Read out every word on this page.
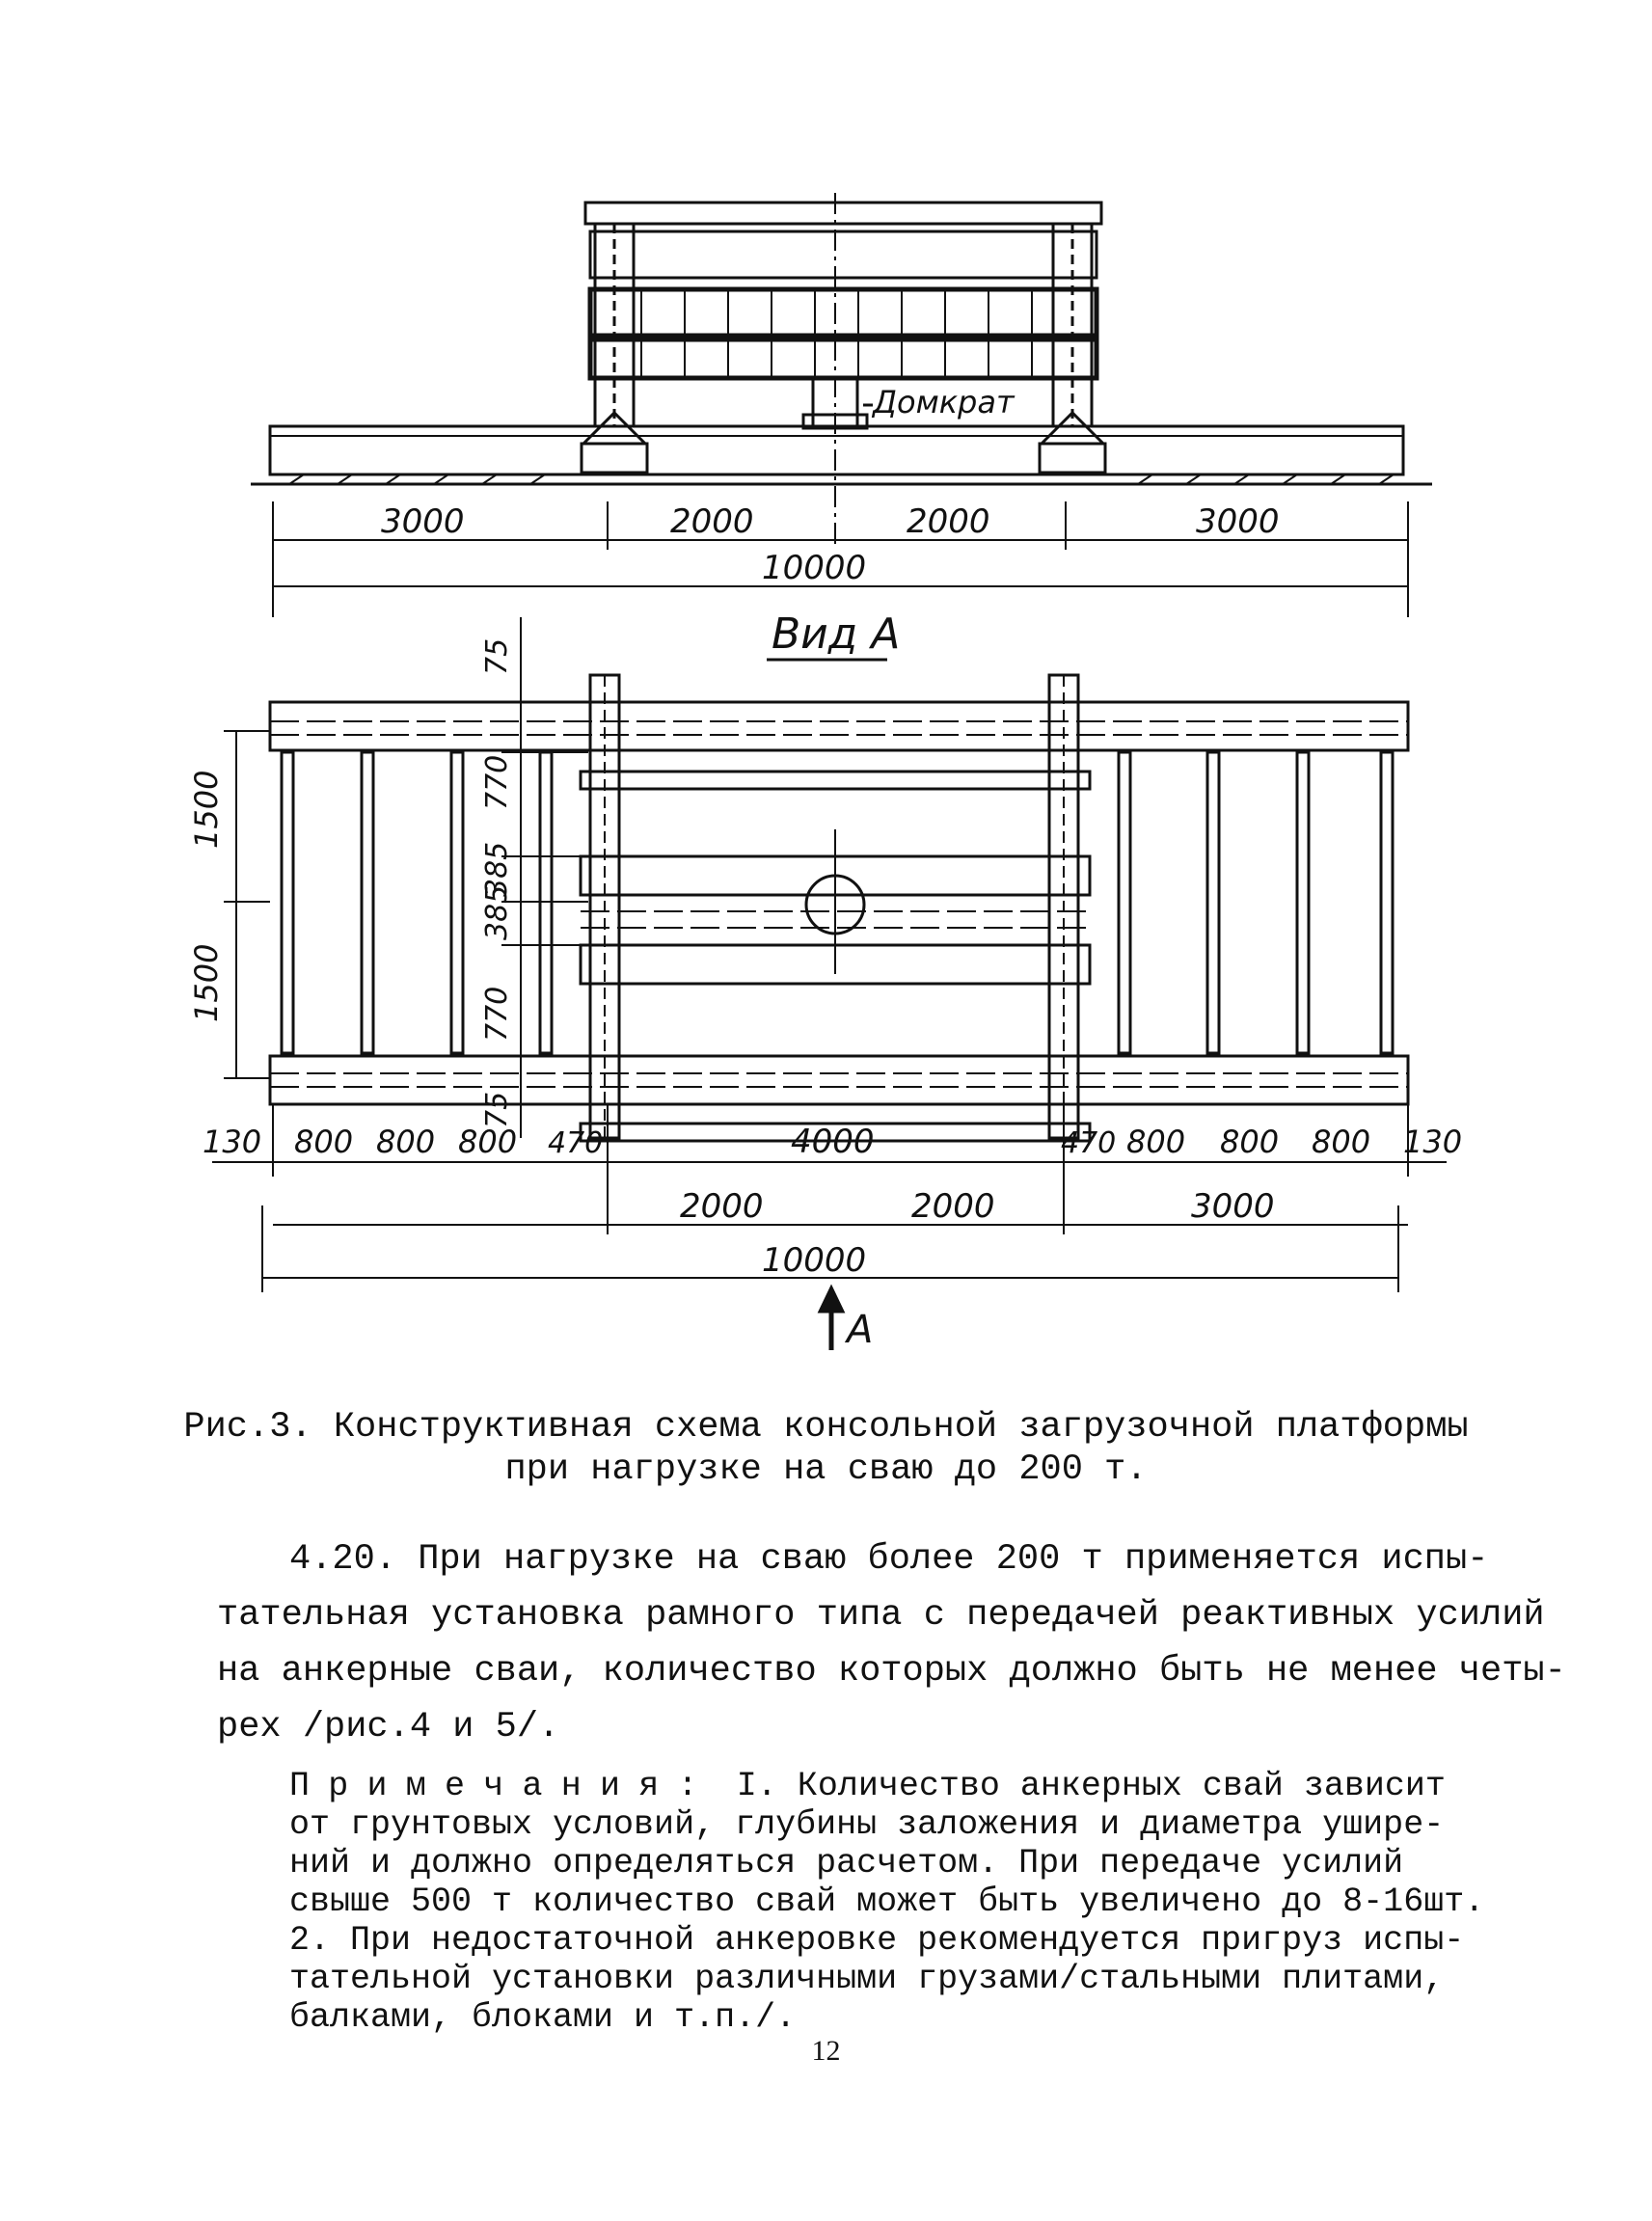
Домкрат
3000	2000	2000	3000
10000
Вид А
1500
1500
75
770
385
385
770
75
130 800 800 800 470	4000	470 800 800 800 130
2000	2000	3000
10000
А
Рис.3. Конструктивная схема консольной загрузочной платформы
при нагрузке на сваю до 200 т.
4.20. При нагрузке на сваю более 200 т применяется испы-
тательная установка рамного типа с передачей реактивных усилий
на анкерные сваи, количество которых должно быть не менее четы-
рех /рис.4 и 5/.
Примечания: I. Количество анкерных свай зависит
от грунтовых условий, глубины заложения и диаметра ушире-
ний и должно определяться расчетом. При передаче усилий
свыше 500 т количество свай может быть увеличено до 8-16шт.
2. При недостаточной анкеровке рекомендуется пригруз испы-
тательной установки различными грузами/стальными плитами,
балками, блоками и т.п./.
12
